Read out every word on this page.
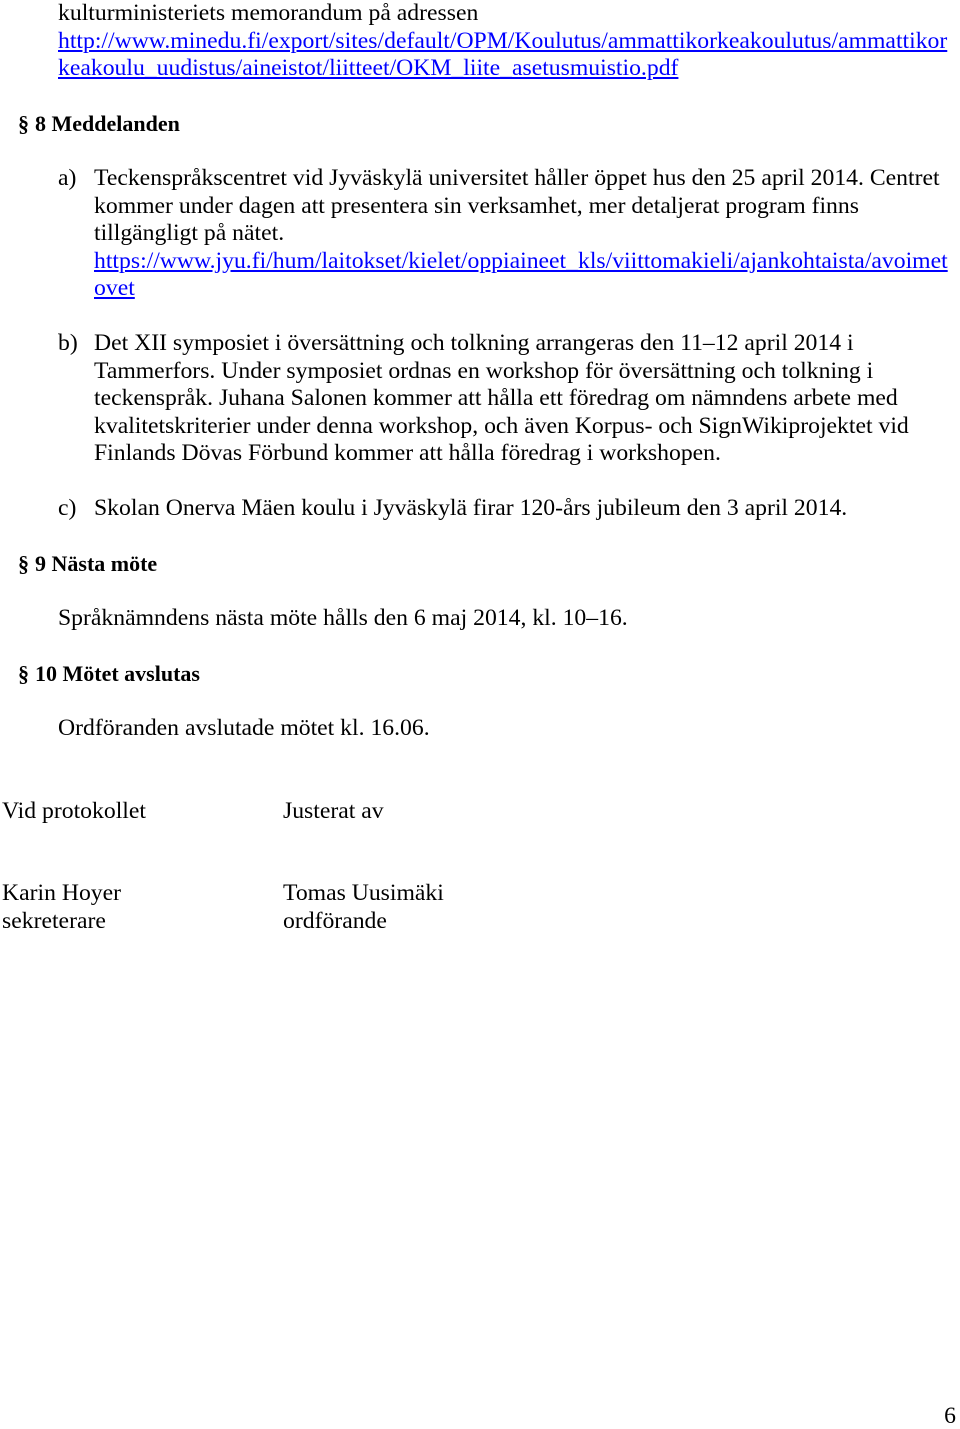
kulturministeriets memorandum på adressen
http://www.minedu.fi/export/sites/default/OPM/Koulutus/ammattikorkeakoulutus/ammattikor
keakoulu_uudistus/aineistot/liitteet/OKM_liite_asetusmuistio.pdf
§ 8 Meddelanden
a) Teckenspråkscentret vid Jyväskylä universitet håller öppet hus den 25 april 2014. Centret
kommer under dagen att presentera sin verksamhet, mer detaljerat program finns
tillgängligt på nätet.
https://www.jyu.fi/hum/laitokset/kielet/oppiaineet_kls/viittomakieli/ajankohtaista/avoimet
ovet
b) Det XII symposiet i översättning och tolkning arrangeras den 11–12 april 2014 i
Tammerfors. Under symposiet ordnas en workshop för översättning och tolkning i
teckenspråk. Juhana Salonen kommer att hålla ett föredrag om nämndens arbete med
kvalitetskriterier under denna workshop, och även Korpus- och SignWikiprojektet vid
Finlands Dövas Förbund kommer att hålla föredrag i workshopen.
c) Skolan Onerva Mäen koulu i Jyväskylä firar 120-års jubileum den 3 april 2014.
§ 9 Nästa möte
Språknämndens nästa möte hålls den 6 maj 2014, kl. 10–16.
§ 10 Mötet avslutas
Ordföranden avslutade mötet kl. 16.06.
Vid protokollet	Justerat av
Karin Hoyer	Tomas Uusimäki
sekreterare	ordförande
6
